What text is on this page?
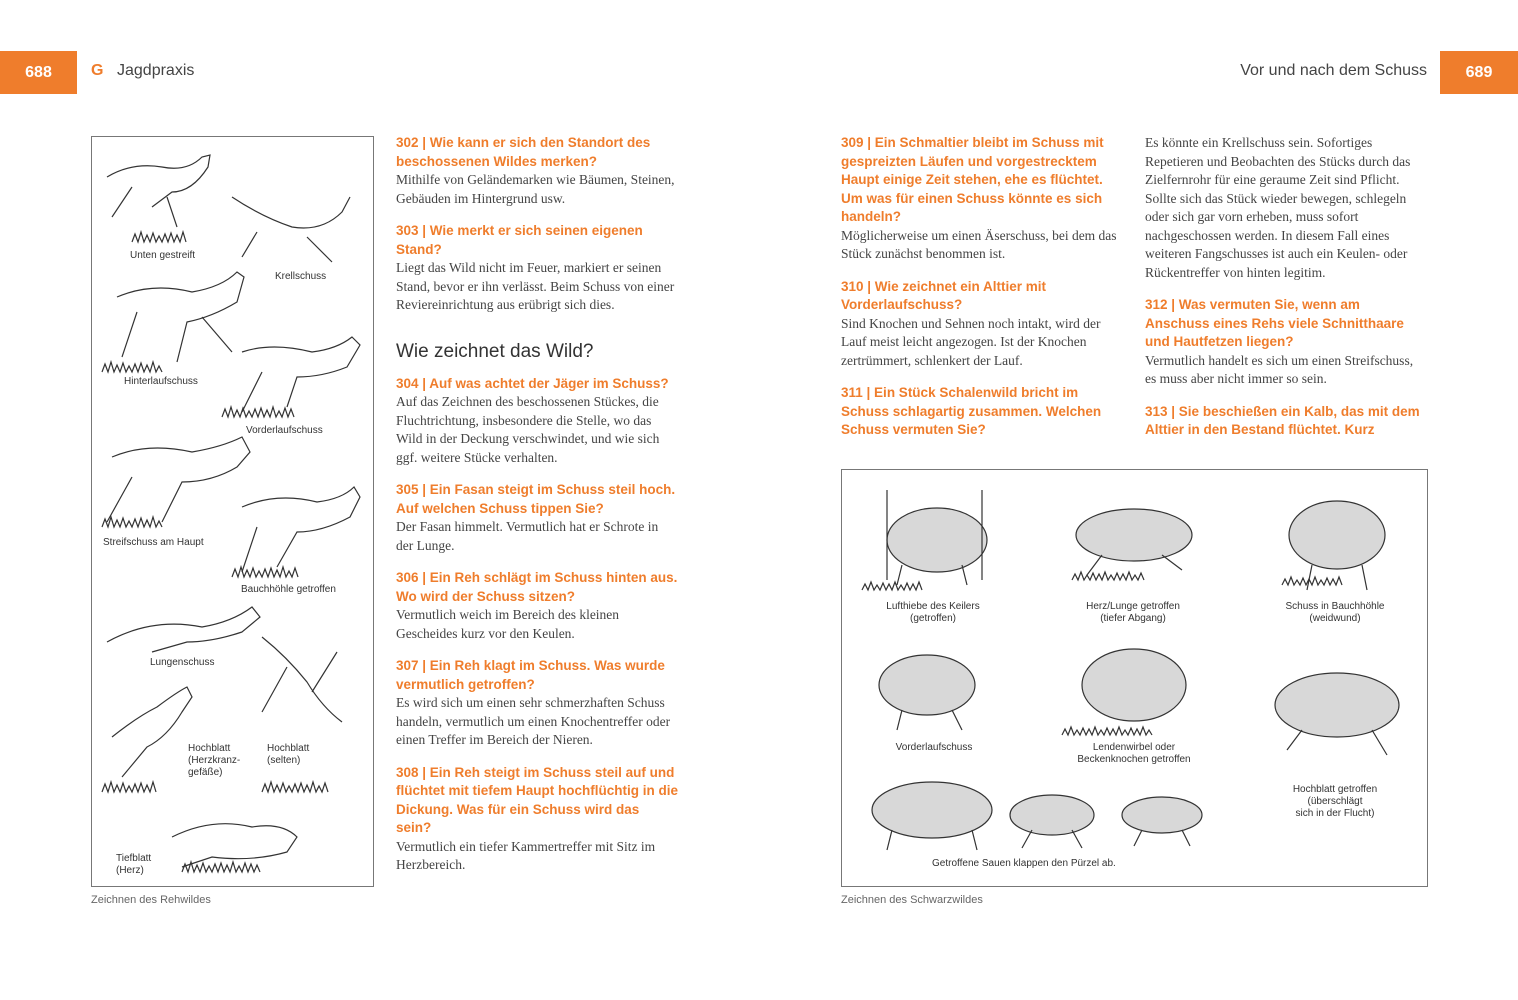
688	G Jagdpraxis	Vor und nach dem Schuss	689
Unten gestreift
Krellschuss
Hinterlaufschuss
Vorderlaufschuss
Streifschuss am Haupt
Bauchhöhle getroffen
Lungenschuss
Hochblatt
(Herzkranz-
gefäße)
Hochblatt
(selten)
Tiefblatt
(Herz)
Zeichnen des Rehwildes
302 | Wie kann er sich den Standort des beschossenen Wildes merken?

Mithilfe von Geländemarken wie Bäumen, Steinen, Gebäuden im Hintergrund usw.

303 | Wie merkt er sich seinen eigenen Stand?

Liegt das Wild nicht im Feuer, markiert er seinen Stand, bevor er ihn verlässt. Beim Schuss von einer Reviereinrichtung aus erübrigt sich dies.

Wie zeichnet das Wild?
304 | Auf was achtet der Jäger im Schuss?

Auf das Zeichnen des beschossenen Stückes, die Fluchtrichtung, insbesondere die Stelle, wo das Wild in der Deckung verschwindet, und wie sich ggf. weitere Stücke verhalten.

305 | Ein Fasan steigt im Schuss steil hoch. Auf welchen Schuss tippen Sie?

Der Fasan himmelt. Vermutlich hat er Schrote in der Lunge.

306 | Ein Reh schlägt im Schuss hinten aus. Wo wird der Schuss sitzen?

Vermutlich weich im Bereich des kleinen Gescheides kurz vor den Keulen.

307 | Ein Reh klagt im Schuss. Was wurde vermutlich getroffen?

Es wird sich um einen sehr schmerzhaften Schuss handeln, vermutlich um einen Knochentreffer oder einen Treffer im Bereich der Nieren.

308 | Ein Reh steigt im Schuss steil auf und flüchtet mit tiefem Haupt hochflüchtig in die Dickung. Was für ein Schuss wird das sein?

Vermutlich ein tiefer Kammertreffer mit Sitz im Herzbereich.

309 | Ein Schmaltier bleibt im Schuss mit gespreizten Läufen und vorgestrecktem Haupt einige Zeit stehen, ehe es flüchtet. Um was für einen Schuss könnte es sich handeln?

Möglicherweise um einen Äserschuss, bei dem das Stück zunächst benommen ist.

310 | Wie zeichnet ein Alttier mit Vorderlaufschuss?

Sind Knochen und Sehnen noch intakt, wird der Lauf meist leicht angezogen. Ist der Knochen zertrümmert, schlenkert der Lauf.

311 | Ein Stück Schalenwild bricht im Schuss schlagartig zusammen. Welchen Schuss vermuten Sie?

Es könnte ein Krellschuss sein. Sofortiges Repetieren und Beobachten des Stücks durch das Zielfernrohr für eine geraume Zeit sind Pflicht. Sollte sich das Stück wieder bewegen, schlegeln oder sich gar vorn erheben, muss sofort nachgeschossen werden. In diesem Fall eines weiteren Fangschusses ist auch ein Keulen- oder Rückentreffer von hinten legitim.

312 | Was vermuten Sie, wenn am Anschuss eines Rehs viele Schnitthaare und Hautfetzen liegen?

Vermutlich handelt es sich um einen Streifschuss, es muss aber nicht immer so sein.

313 | Sie beschießen ein Kalb, das mit dem Alttier in den Bestand flüchtet. Kurz
Lufthiebe des Keilers
(getroffen)
Herz/Lunge getroffen
(tiefer Abgang)
Schuss in Bauchhöhle
(weidwund)
Vorderlaufschuss	Lendenwirbel oder
Beckenknochen getroffen
Hochblatt getroffen
(überschlägt
sich in der Flucht)
Getroffene Sauen klappen den Pürzel ab.
Zeichnen des Schwarzwildes
